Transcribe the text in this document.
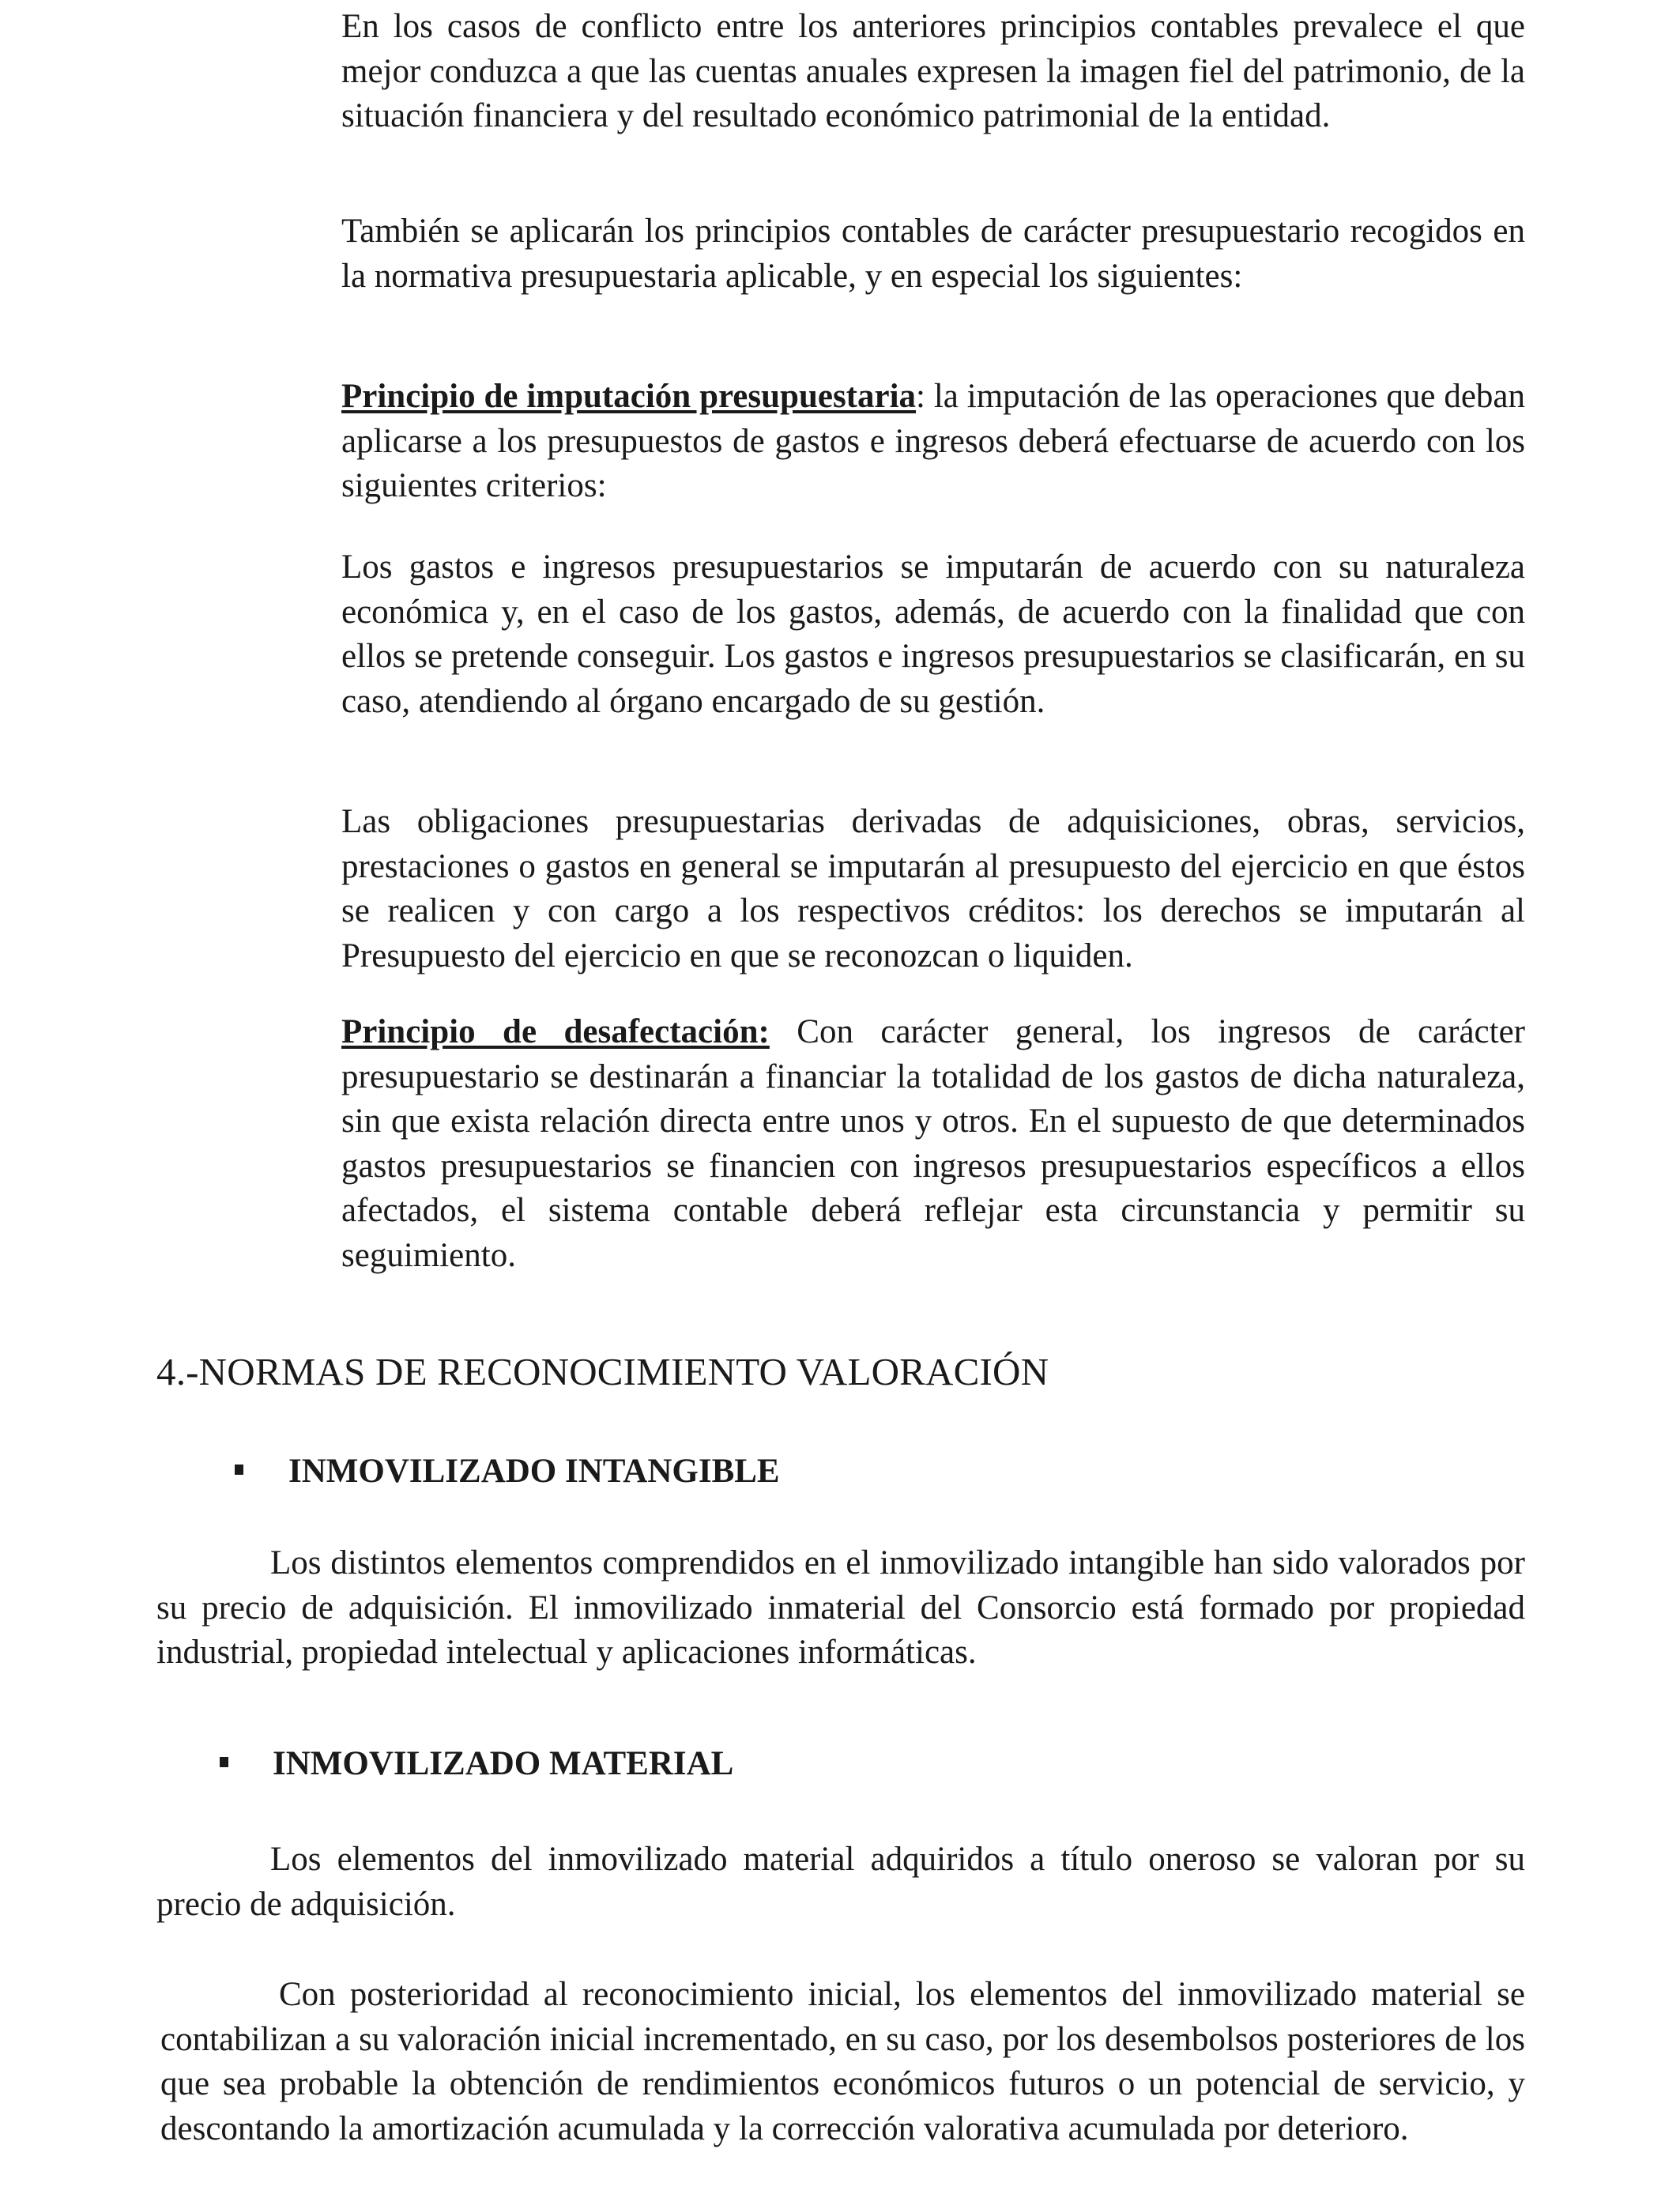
En los casos de conflicto entre los anteriores principios contables prevalece el que mejor conduzca a que las cuentas anuales expresen la imagen fiel del patrimonio, de la situación financiera y del resultado económico patrimonial de la entidad.

También se aplicarán los principios contables de carácter presupuestario recogidos en la normativa presupuestaria aplicable, y en especial los siguientes:

Principio de imputación presupuestaria: la imputación de las operaciones que deban aplicarse a los presupuestos de gastos e ingresos deberá efectuarse de acuerdo con los siguientes criterios:

Los gastos e ingresos presupuestarios se imputarán de acuerdo con su naturaleza económica y, en el caso de los gastos, además, de acuerdo con la finalidad que con ellos se pretende conseguir. Los gastos e ingresos presupuestarios se clasificarán, en su caso, atendiendo al órgano encargado de su gestión.

Las obligaciones presupuestarias derivadas de adquisiciones, obras, servicios, prestaciones o gastos en general se imputarán al presupuesto del ejercicio en que éstos se realicen y con cargo a los respectivos créditos: los derechos se imputarán al Presupuesto del ejercicio en que se reconozcan o liquiden.

Principio de desafectación: Con carácter general, los ingresos de carácter presupuestario se destinarán a financiar la totalidad de los gastos de dicha naturaleza, sin que exista relación directa entre unos y otros. En el supuesto de que determinados gastos presupuestarios se financien con ingresos presupuestarios específicos a ellos afectados, el sistema contable deberá reflejar esta circunstancia y permitir su seguimiento.

4.-NORMAS DE RECONOCIMIENTO VALORACIÓN
INMOVILIZADO INTANGIBLE

Los distintos elementos comprendidos en el inmovilizado intangible han sido valorados por su precio de adquisición. El inmovilizado inmaterial del Consorcio está formado por propiedad industrial, propiedad intelectual y aplicaciones informáticas.

INMOVILIZADO MATERIAL

Los elementos del inmovilizado material adquiridos a título oneroso se valoran por su precio de adquisición.

Con posterioridad al reconocimiento inicial, los elementos del inmovilizado material se contabilizan a su valoración inicial incrementado, en su caso, por los desembolsos posteriores de los que sea probable la obtención de rendimientos económicos futuros o un potencial de servicio, y descontando la amortización acumulada y la corrección valorativa acumulada por deterioro.
